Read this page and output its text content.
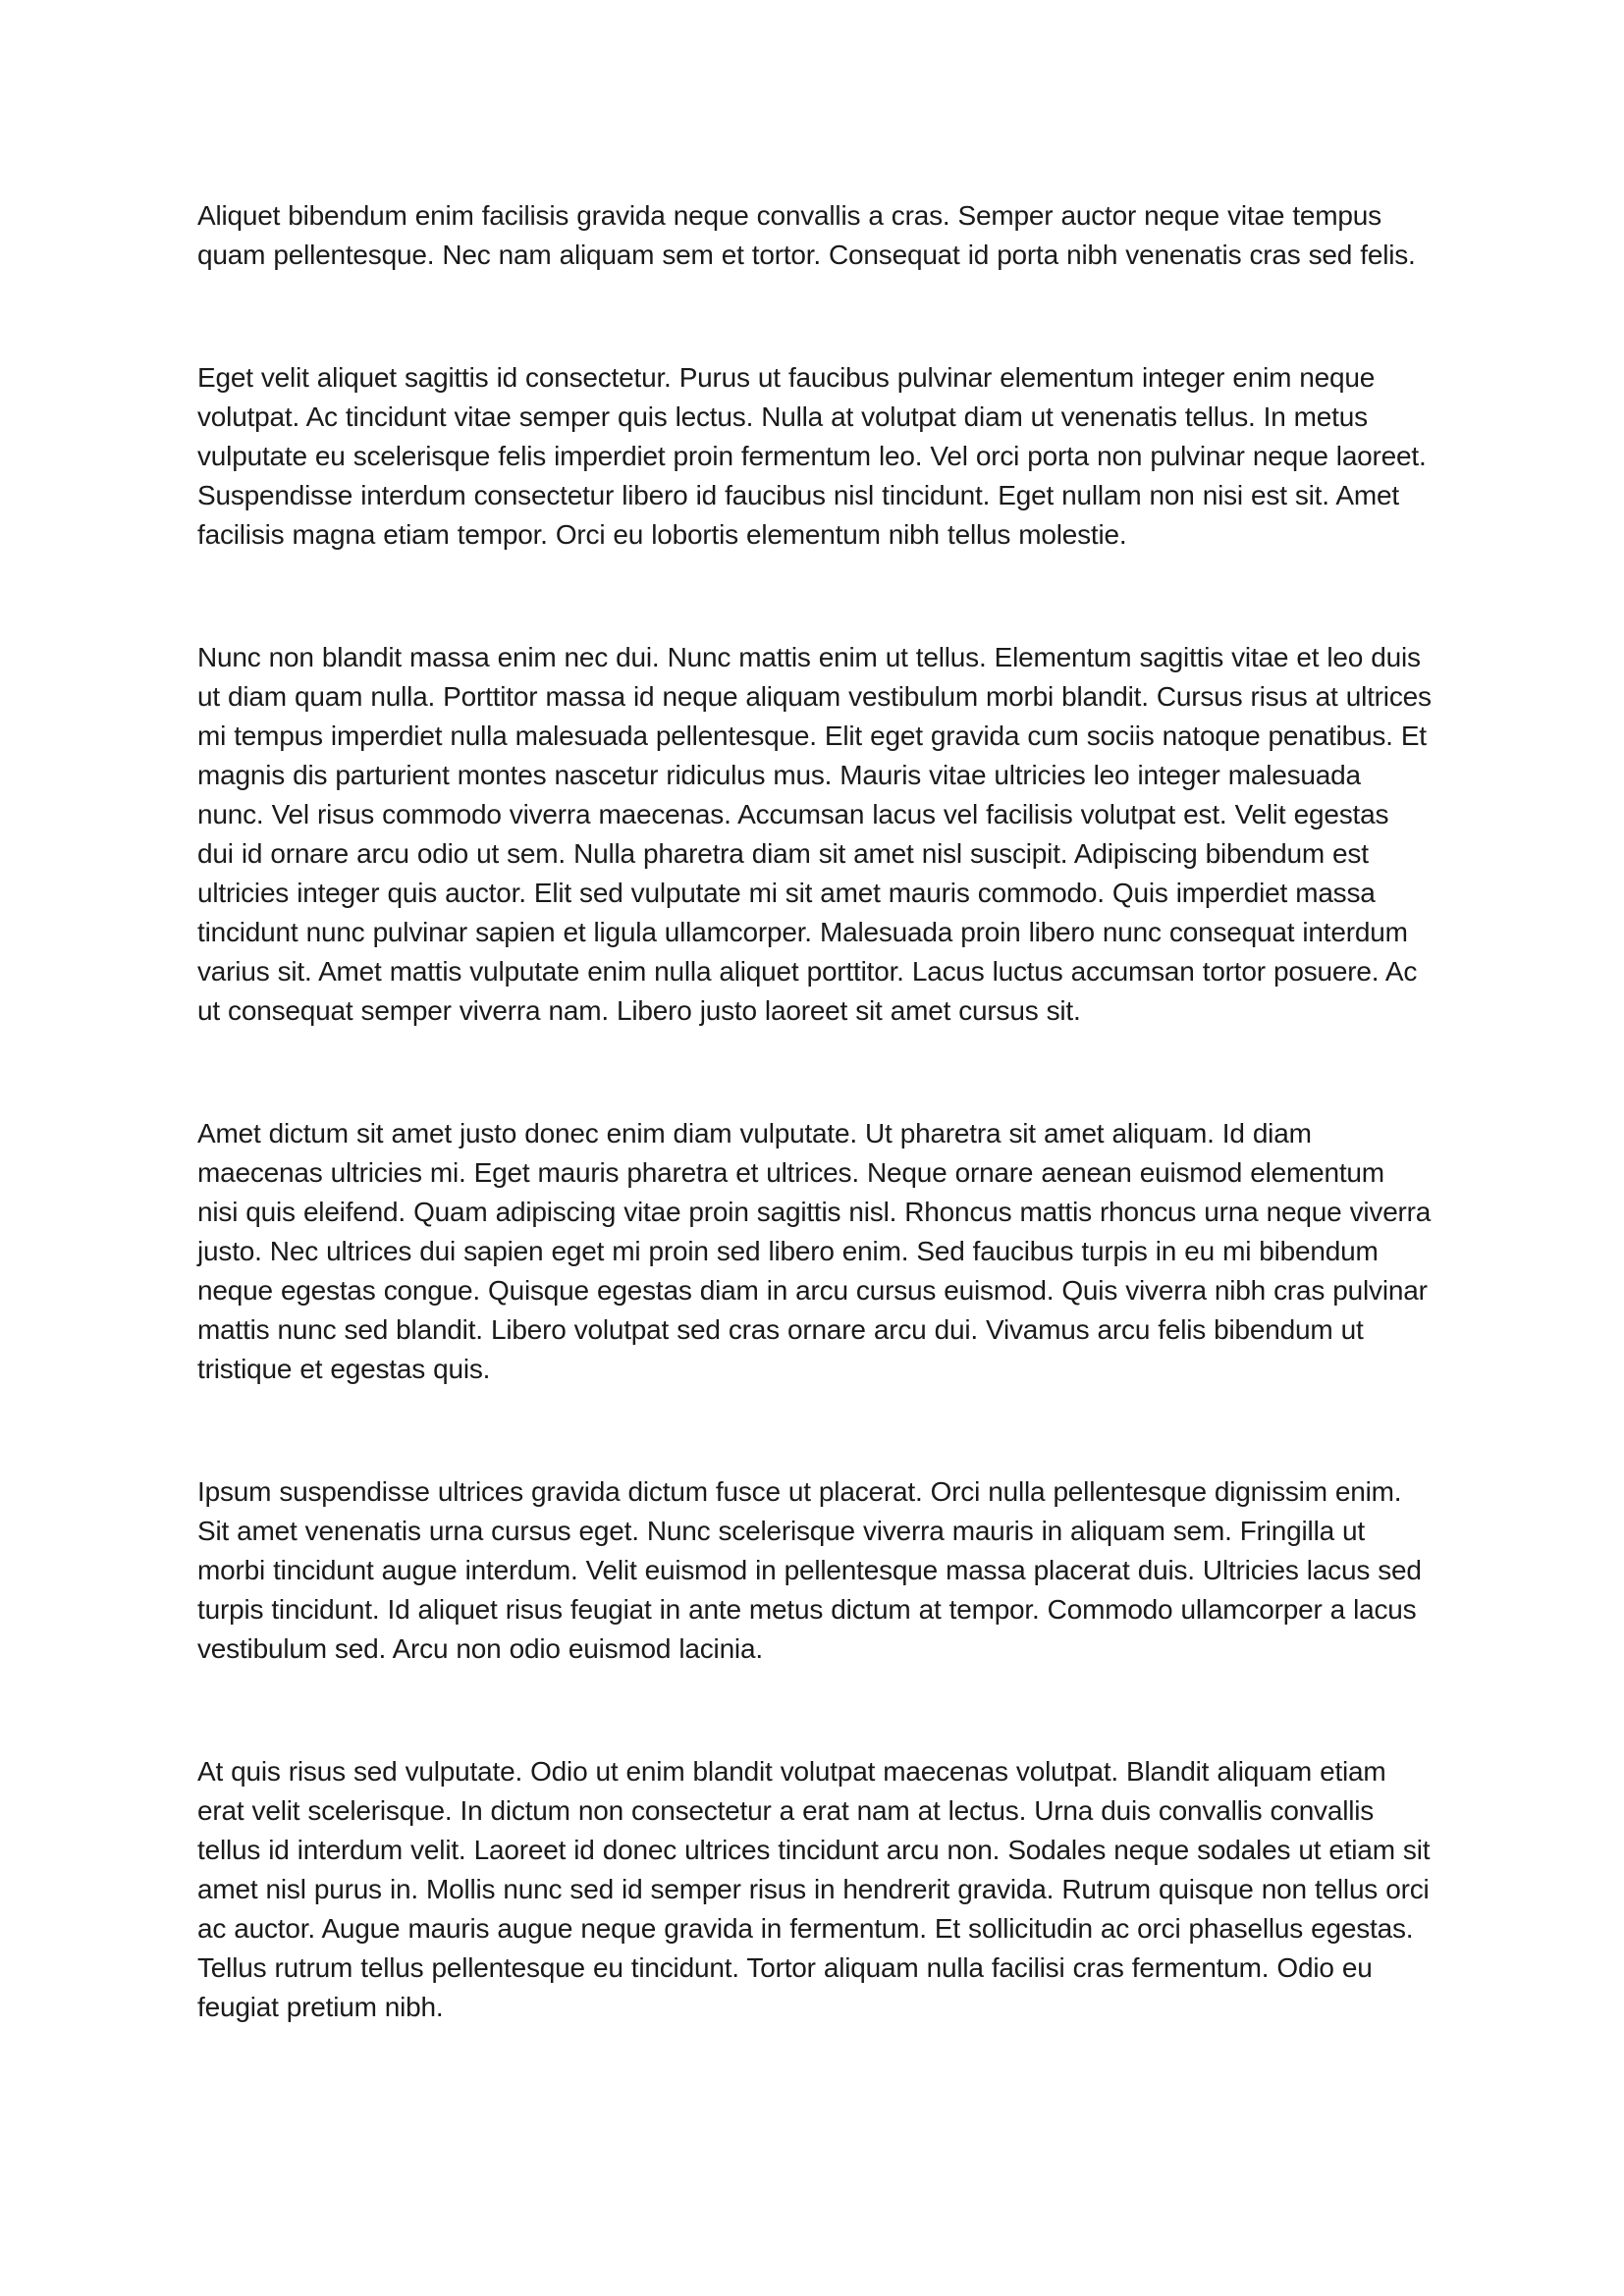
Aliquet bibendum enim facilisis gravida neque convallis a cras. Semper auctor neque vitae tempus quam pellentesque. Nec nam aliquam sem et tortor. Consequat id porta nibh venenatis cras sed felis.

Eget velit aliquet sagittis id consectetur. Purus ut faucibus pulvinar elementum integer enim neque volutpat. Ac tincidunt vitae semper quis lectus. Nulla at volutpat diam ut venenatis tellus. In metus vulputate eu scelerisque felis imperdiet proin fermentum leo. Vel orci porta non pulvinar neque laoreet. Suspendisse interdum consectetur libero id faucibus nisl tincidunt. Eget nullam non nisi est sit. Amet facilisis magna etiam tempor. Orci eu lobortis elementum nibh tellus molestie.

Nunc non blandit massa enim nec dui. Nunc mattis enim ut tellus. Elementum sagittis vitae et leo duis ut diam quam nulla. Porttitor massa id neque aliquam vestibulum morbi blandit. Cursus risus at ultrices mi tempus imperdiet nulla malesuada pellentesque. Elit eget gravida cum sociis natoque penatibus. Et magnis dis parturient montes nascetur ridiculus mus. Mauris vitae ultricies leo integer malesuada nunc. Vel risus commodo viverra maecenas. Accumsan lacus vel facilisis volutpat est. Velit egestas dui id ornare arcu odio ut sem. Nulla pharetra diam sit amet nisl suscipit. Adipiscing bibendum est ultricies integer quis auctor. Elit sed vulputate mi sit amet mauris commodo. Quis imperdiet massa tincidunt nunc pulvinar sapien et ligula ullamcorper. Malesuada proin libero nunc consequat interdum varius sit. Amet mattis vulputate enim nulla aliquet porttitor. Lacus luctus accumsan tortor posuere. Ac ut consequat semper viverra nam. Libero justo laoreet sit amet cursus sit.

Amet dictum sit amet justo donec enim diam vulputate. Ut pharetra sit amet aliquam. Id diam maecenas ultricies mi. Eget mauris pharetra et ultrices. Neque ornare aenean euismod elementum nisi quis eleifend. Quam adipiscing vitae proin sagittis nisl. Rhoncus mattis rhoncus urna neque viverra justo. Nec ultrices dui sapien eget mi proin sed libero enim. Sed faucibus turpis in eu mi bibendum neque egestas congue. Quisque egestas diam in arcu cursus euismod. Quis viverra nibh cras pulvinar mattis nunc sed blandit. Libero volutpat sed cras ornare arcu dui. Vivamus arcu felis bibendum ut tristique et egestas quis.

Ipsum suspendisse ultrices gravida dictum fusce ut placerat. Orci nulla pellentesque dignissim enim. Sit amet venenatis urna cursus eget. Nunc scelerisque viverra mauris in aliquam sem. Fringilla ut morbi tincidunt augue interdum. Velit euismod in pellentesque massa placerat duis. Ultricies lacus sed turpis tincidunt. Id aliquet risus feugiat in ante metus dictum at tempor. Commodo ullamcorper a lacus vestibulum sed. Arcu non odio euismod lacinia.

At quis risus sed vulputate. Odio ut enim blandit volutpat maecenas volutpat. Blandit aliquam etiam erat velit scelerisque. In dictum non consectetur a erat nam at lectus. Urna duis convallis convallis tellus id interdum velit. Laoreet id donec ultrices tincidunt arcu non. Sodales neque sodales ut etiam sit amet nisl purus in. Mollis nunc sed id semper risus in hendrerit gravida. Rutrum quisque non tellus orci ac auctor. Augue mauris augue neque gravida in fermentum. Et sollicitudin ac orci phasellus egestas. Tellus rutrum tellus pellentesque eu tincidunt. Tortor aliquam nulla facilisi cras fermentum. Odio eu feugiat pretium nibh.
